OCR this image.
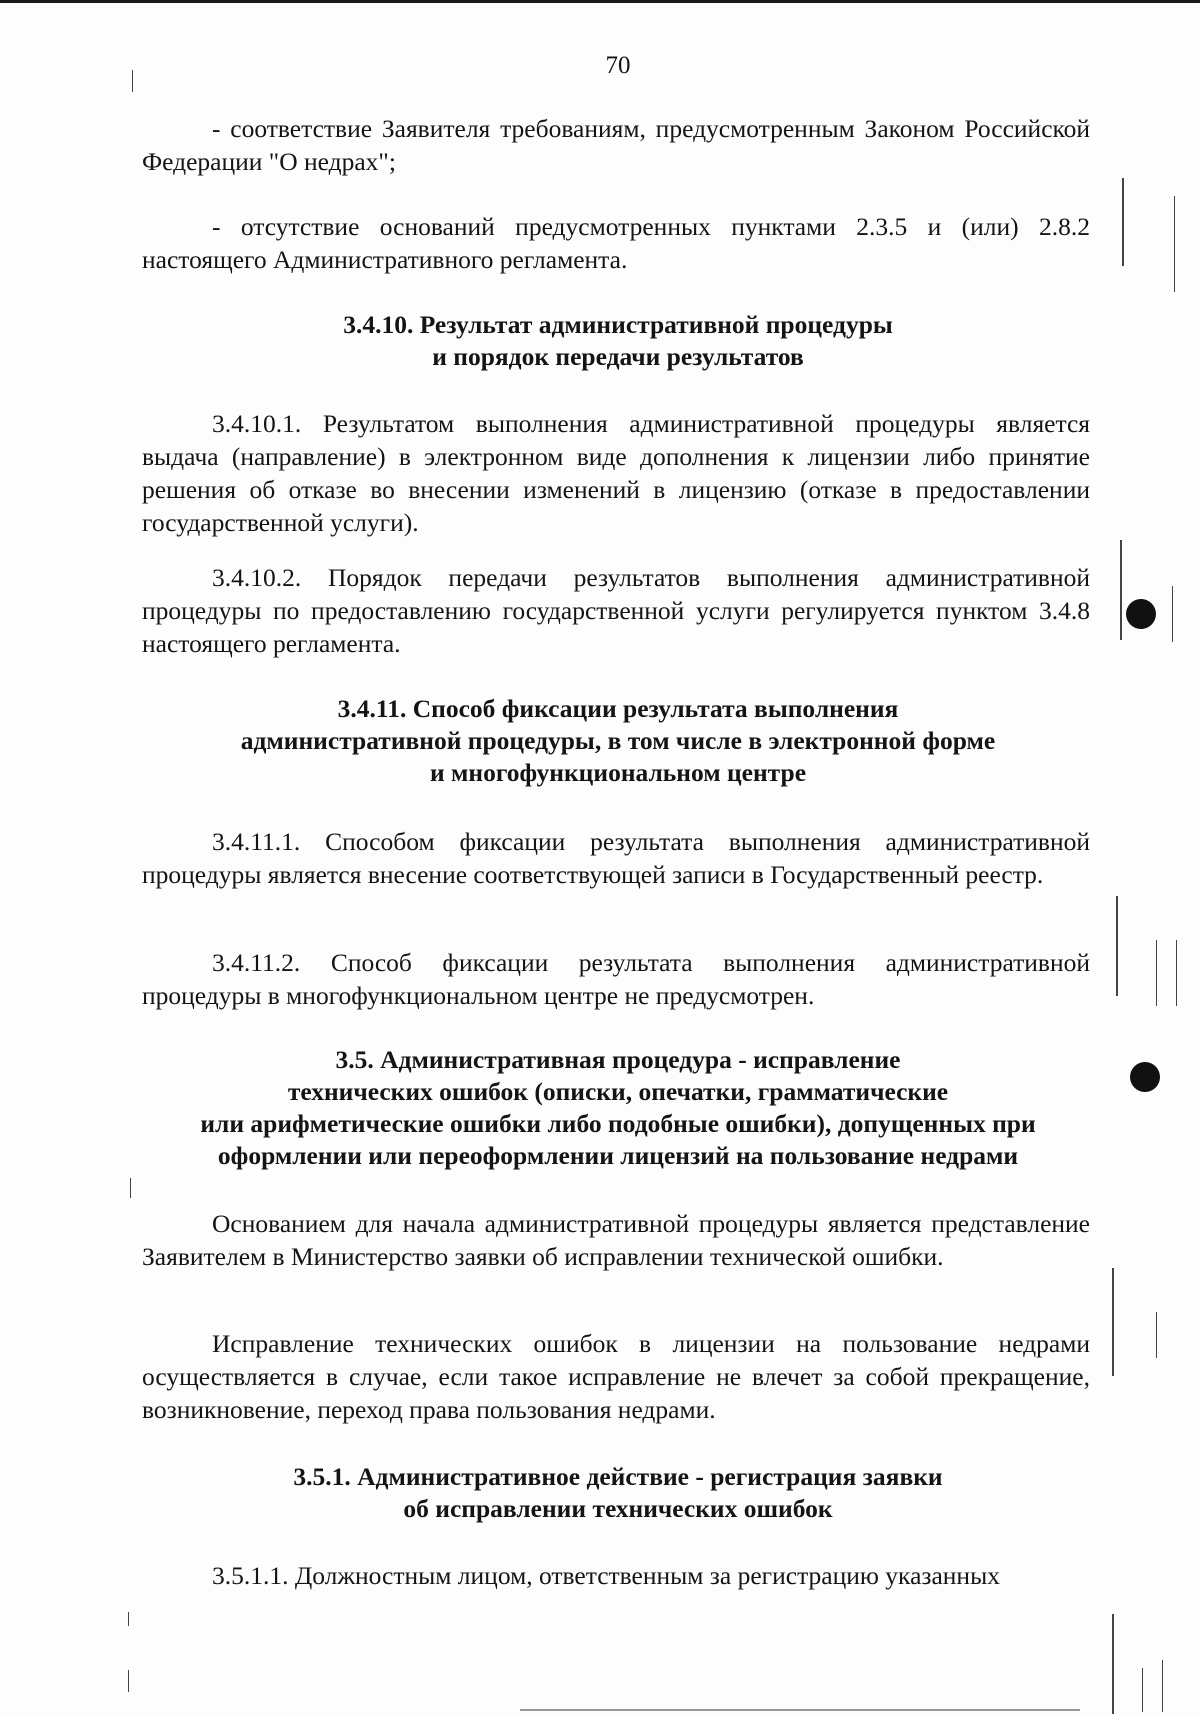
70

- соответствие Заявителя требованиям, предусмотренным Законом Российской Федерации "О недрах";

- отсутствие оснований предусмотренных пунктами 2.3.5 и (или) 2.8.2 настоящего Административного регламента.

3.4.10. Результат административной процедуры
и порядок передачи результатов

3.4.10.1. Результатом выполнения административной процедуры является выдача (направление) в электронном виде дополнения к лицензии либо принятие решения об отказе во внесении изменений в лицензию (отказе в предоставлении государственной услуги).

3.4.10.2. Порядок передачи результатов выполнения административной процедуры по предоставлению государственной услуги регулируется пунктом 3.4.8 настоящего регламента.

3.4.11. Способ фиксации результата выполнения
административной процедуры, в том числе в электронной форме
и многофункциональном центре

3.4.11.1. Способом фиксации результата выполнения административной процедуры является внесение соответствующей записи в Государственный реестр.

3.4.11.2. Способ фиксации результата выполнения административной процедуры в многофункциональном центре не предусмотрен.

3.5. Административная процедура - исправление
технических ошибок (описки, опечатки, грамматические
или арифметические ошибки либо подобные ошибки), допущенных при
оформлении или переоформлении лицензий на пользование недрами

Основанием для начала административной процедуры является представление Заявителем в Министерство заявки об исправлении технической ошибки.

Исправление технических ошибок в лицензии на пользование недрами осуществляется в случае, если такое исправление не влечет за собой прекращение, возникновение, переход права пользования недрами.

3.5.1. Административное действие - регистрация заявки
об исправлении технических ошибок

3.5.1.1. Должностным лицом, ответственным за регистрацию указанных
